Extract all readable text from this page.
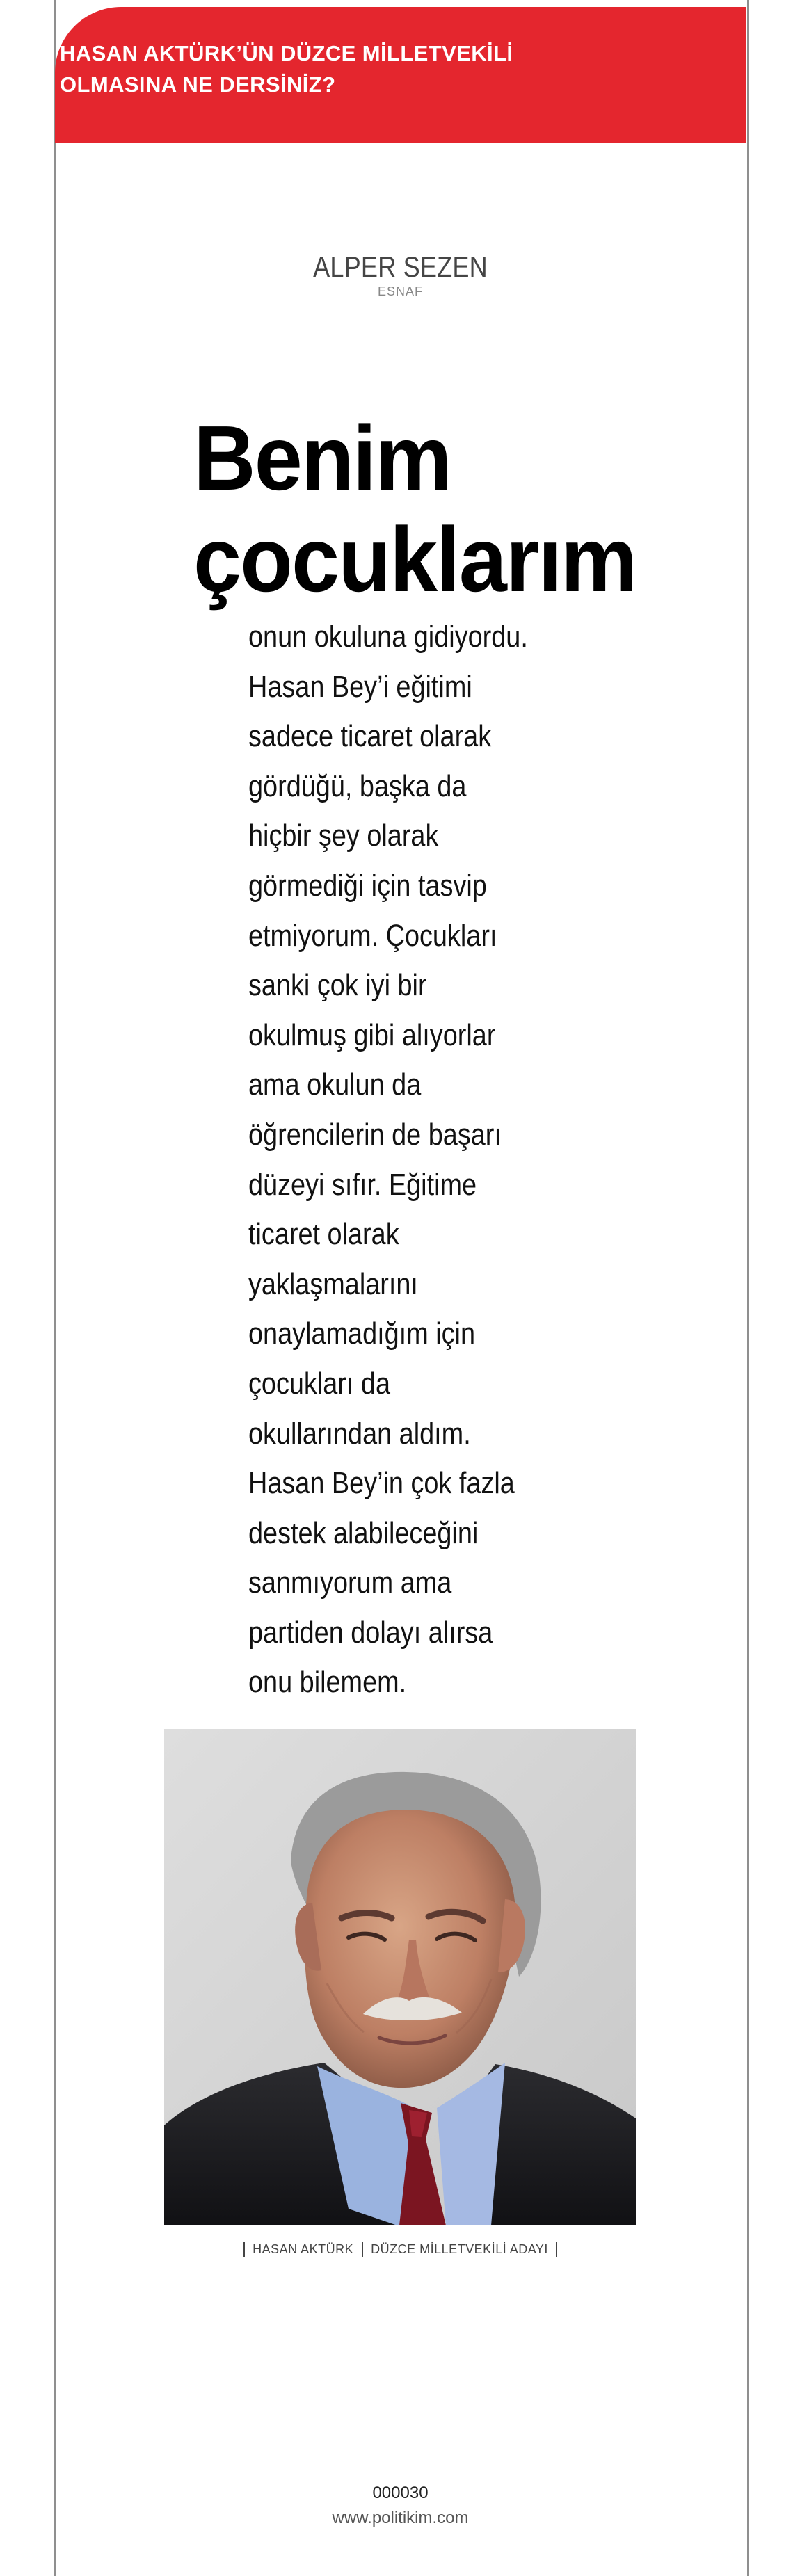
HASAN AKTÜRK’ÜN DÜZCE MİLLETVEKİLİ
OLMASINA NE DERSİNİZ?
ALPER SEZEN
ESNAF
Benim
çocuklarım

onun okuluna gidiyordu.
Hasan Bey’i eğitimi
sadece ticaret olarak
gördüğü, başka da
hiçbir şey olarak
görmediği için tasvip
etmiyorum. Çocukları
sanki çok iyi bir
okulmuş gibi alıyorlar
ama okulun da
öğrencilerin de başarı
düzeyi sıfır. Eğitime
ticaret olarak
yaklaşmalarını
onaylamadığım için
çocukları da
okullarından aldım.
Hasan Bey’in çok fazla
destek alabileceğini
sanmıyorum ama
partiden dolayı alırsa
onu bilemem.

HASAN AKTÜRK DÜZCE MİLLETVEKİLİ ADAYI
000030
www.politikim.com
